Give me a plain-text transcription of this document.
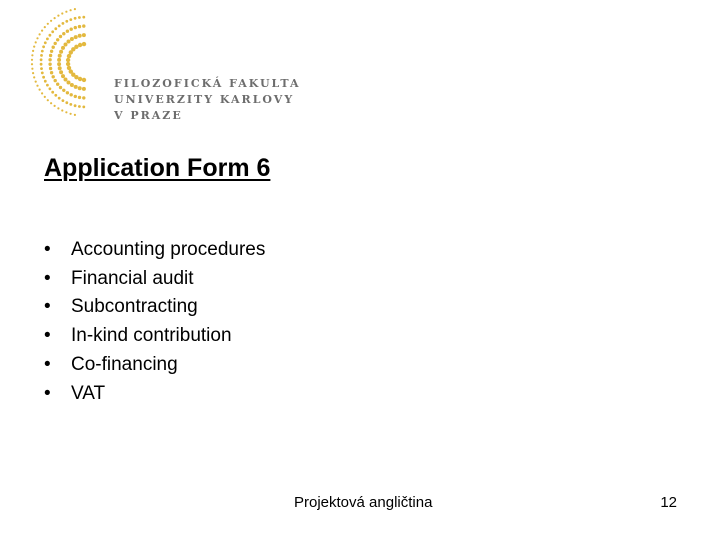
FILOZOFICKÁ FAKULTA
UNIVERZITY KARLOVY
V PRAZE
Application Form 6
•	Accounting procedures
•	Financial audit
•	Subcontracting
•	In-kind contribution
•	Co-financing
•	VAT
Projektová angličtina	12
